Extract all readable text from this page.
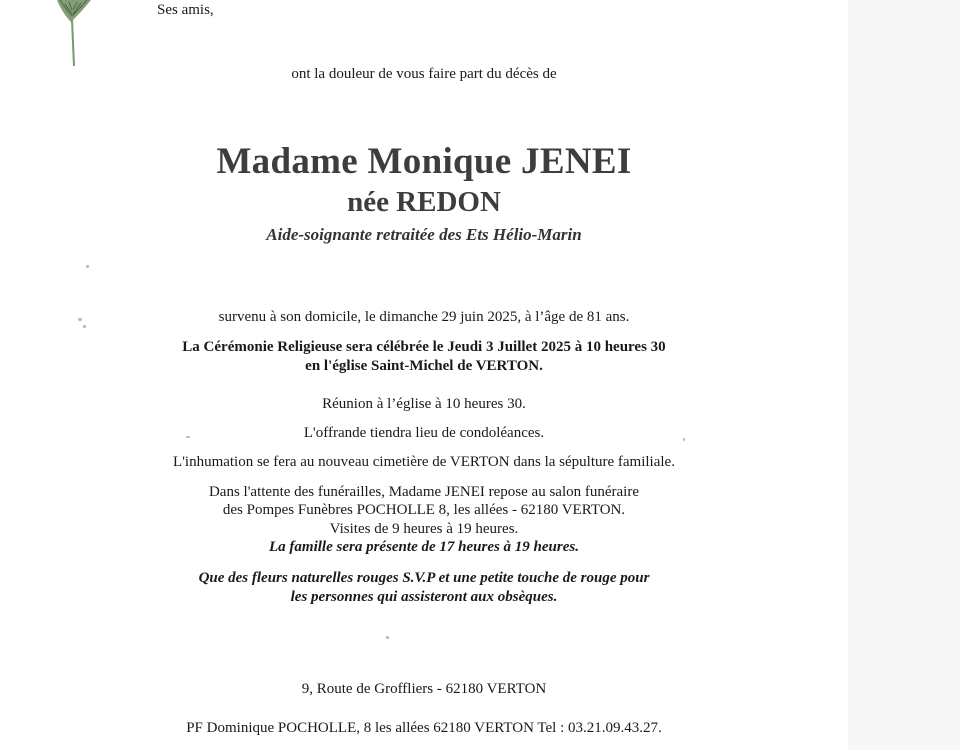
Ses amis,
ont la douleur de vous faire part du décès de
Madame Monique JENEI
née REDON
Aide-soignante retraitée des Ets Hélio-Marin
survenu à son domicile, le dimanche 29 juin 2025, à l’âge de 81 ans.
La Cérémonie Religieuse sera célébrée le Jeudi 3 Juillet 2025 à 10 heures 30
en l'église Saint-Michel de VERTON.
Réunion à l’église à 10 heures 30.
L'offrande tiendra lieu de condoléances.
L'inhumation se fera au nouveau cimetière de VERTON dans la sépulture familiale.
Dans l'attente des funérailles, Madame JENEI repose au salon funéraire
des Pompes Funèbres POCHOLLE 8, les allées - 62180 VERTON.
Visites de 9 heures à 19 heures.
La famille sera présente de 17 heures à 19 heures.
Que des fleurs naturelles rouges S.V.P et une petite touche de rouge pour
les personnes qui assisteront aux obsèques.
9, Route de Groffliers - 62180 VERTON
PF Dominique POCHOLLE, 8 les allées 62180 VERTON Tel : 03.21.09.43.27.
